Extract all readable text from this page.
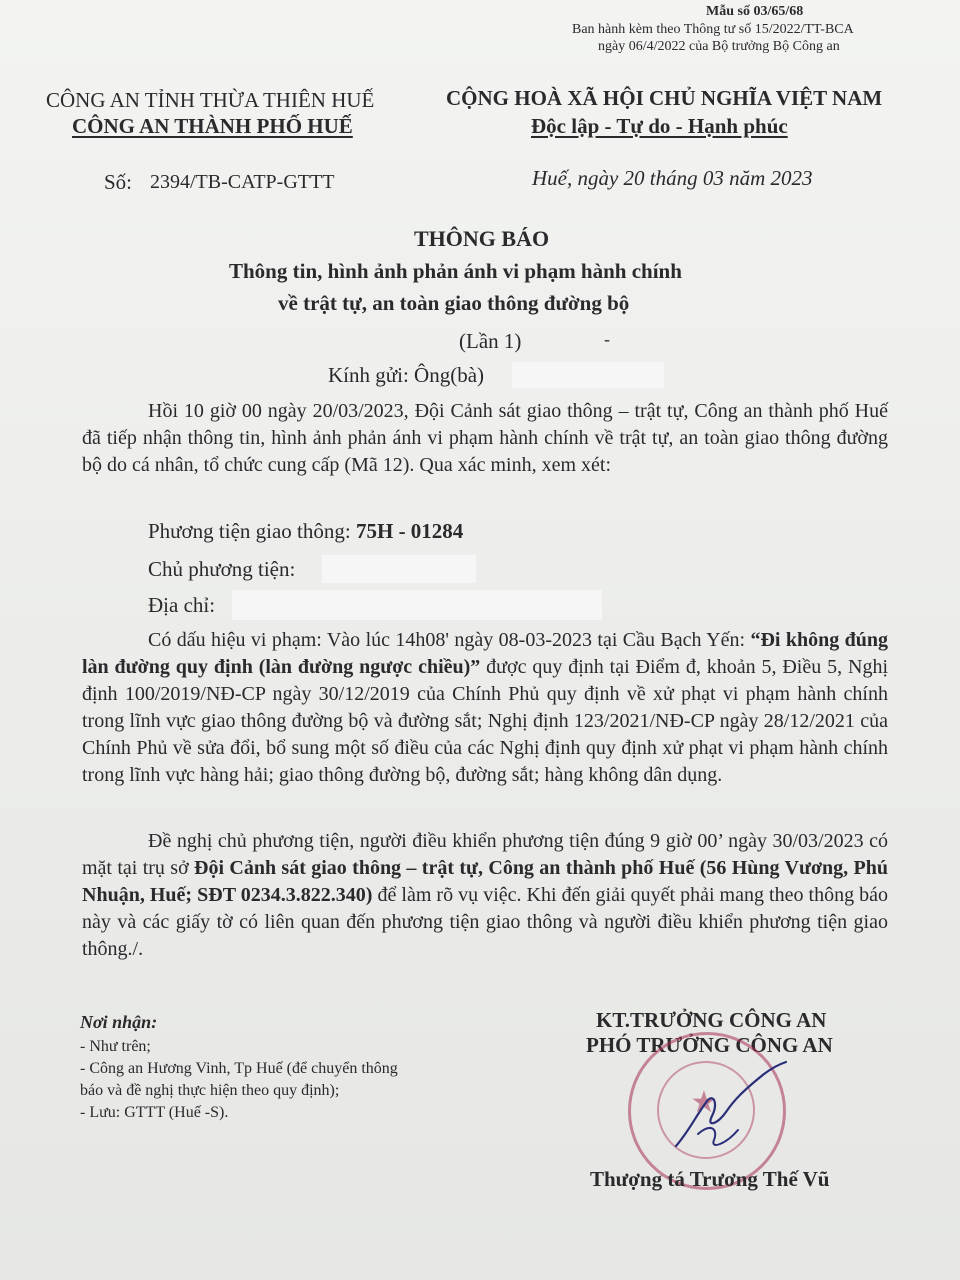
Mẫu số 03/65/68
Ban hành kèm theo Thông tư số 15/2022/TT-BCA
ngày 06/4/2022 của Bộ trưởng Bộ Công an
CÔNG AN TỈNH THỪA THIÊN HUẾ
CÔNG AN THÀNH PHỐ HUẾ
Số: 2394/TB-CATP-GTTT
CỘNG HOÀ XÃ HỘI CHỦ NGHĨA VIỆT NAM
Độc lập - Tự do - Hạnh phúc
Huế, ngày 20 tháng 03 năm 2023
THÔNG BÁO
Thông tin, hình ảnh phản ánh vi phạm hành chính
về trật tự, an toàn giao thông đường bộ
(Lần 1)	-
Kính gửi: Ông(bà)

Hồi 10 giờ 00 ngày 20/03/2023, Đội Cảnh sát giao thông – trật tự, Công an thành phố Huế đã tiếp nhận thông tin, hình ảnh phản ánh vi phạm hành chính về trật tự, an toàn giao thông đường bộ do cá nhân, tổ chức cung cấp (Mã 12). Qua xác minh, xem xét:

Phương tiện giao thông: 75H - 01284
Chủ phương tiện:
Địa chỉ:

Có dấu hiệu vi phạm: Vào lúc 14h08' ngày 08-03-2023 tại Cầu Bạch Yến: “Đi không đúng làn đường quy định (làn đường ngược chiều)” được quy định tại Điểm đ, khoản 5, Điều 5, Nghị định 100/2019/NĐ-CP ngày 30/12/2019 của Chính Phủ quy định về xử phạt vi phạm hành chính trong lĩnh vực giao thông đường bộ và đường sắt; Nghị định 123/2021/NĐ-CP ngày 28/12/2021 của Chính Phủ về sửa đổi, bổ sung một số điều của các Nghị định quy định xử phạt vi phạm hành chính trong lĩnh vực hàng hải; giao thông đường bộ, đường sắt; hàng không dân dụng.

Đề nghị chủ phương tiện, người điều khiển phương tiện đúng 9 giờ 00’ ngày 30/03/2023 có mặt tại trụ sở Đội Cảnh sát giao thông – trật tự, Công an thành phố Huế (56 Hùng Vương, Phú Nhuận, Huế; SĐT 0234.3.822.340) để làm rõ vụ việc. Khi đến giải quyết phải mang theo thông báo này và các giấy tờ có liên quan đến phương tiện giao thông và người điều khiển phương tiện giao thông./.

Nơi nhận:
- Như trên;
- Công an Hương Vinh, Tp Huế (để chuyển thông
báo và đề nghị thực hiện theo quy định);
- Lưu: GTTT (Huế -S).
KT.TRƯỞNG CÔNG AN
PHÓ TRƯỞNG CÔNG AN
★
Thượng tá Trương Thế Vũ
